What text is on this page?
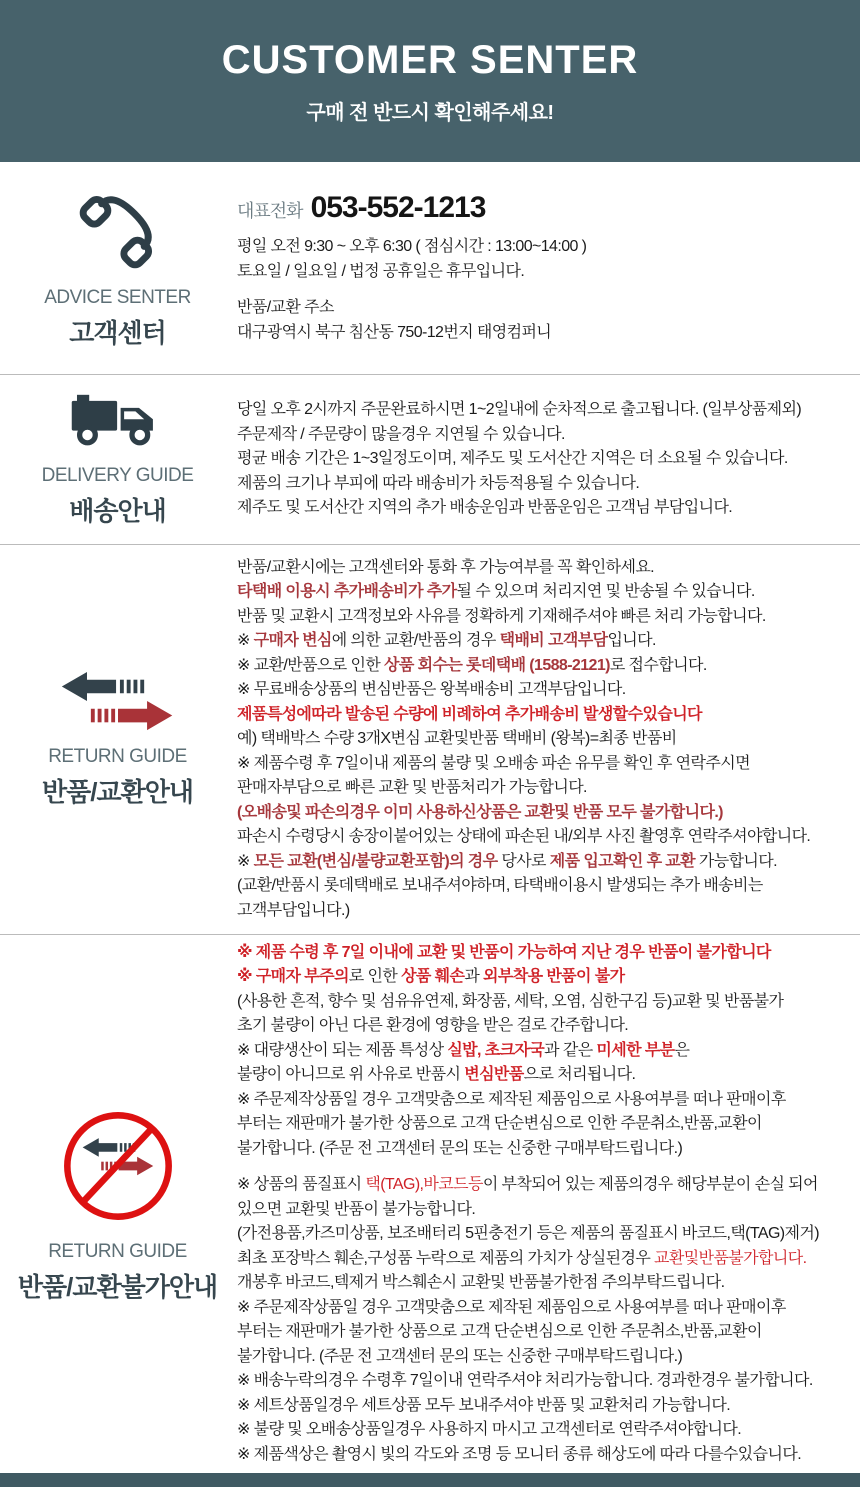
CUSTOMER SENTER

구매 전 반드시 확인해주세요!

ADVICE SENTER
고객센터
대표전화 053-552-1213
평일 오전 9:30 ~ 오후 6:30 ( 점심시간 : 13:00~14:00 )
토요일 / 일요일 / 법정 공휴일은 휴무입니다.
반품/교환 주소
대구광역시 북구 침산동 750-12번지 태영컴퍼니
DELIVERY GUIDE
배송안내
당일 오후 2시까지 주문완료하시면 1~2일내에 순차적으로 출고됩니다. (일부상품제외)
주문제작 / 주문량이 많을경우 지연될 수 있습니다.
평균 배송 기간은 1~3일정도이며, 제주도 및 도서산간 지역은 더 소요될 수 있습니다.
제품의 크기나 부피에 따라 배송비가 차등적용될 수 있습니다.
제주도 및 도서산간 지역의 추가 배송운임과 반품운임은 고객님 부담입니다.
RETURN GUIDE
반품/교환안내
반품/교환시에는 고객센터와 통화 후 가능여부를 꼭 확인하세요.
타택배 이용시 추가배송비가 추가될 수 있으며 처리지연 및 반송될 수 있습니다.
반품 및 교환시 고객정보와 사유를 정확하게 기재해주셔야 빠른 처리 가능합니다.
※ 구매자 변심에 의한 교환/반품의 경우 택배비 고객부담입니다.
※ 교환/반품으로 인한 상품 회수는 롯데택배 (1588-2121)로 접수합니다.
※ 무료배송상품의 변심반품은 왕복배송비 고객부담입니다.
제품특성에따라 발송된 수량에 비례하여 추가배송비 발생할수있습니다
예) 택배박스 수량 3개X변심 교환및반품 택배비 (왕복)=최종 반품비
※ 제품수령 후 7일이내 제품의 불량 및 오배송 파손 유무를 확인 후 연락주시면
판매자부담으로 빠른 교환 및 반품처리가 가능합니다.
(오배송및 파손의경우 이미 사용하신상품은 교환및 반품 모두 불가합니다.)
파손시 수령당시 송장이붙어있는 상태에 파손된 내/외부 사진 촬영후 연락주셔야합니다.
※ 모든 교환(변심/불량교환포함)의 경우 당사로 제품 입고확인 후 교환 가능합니다.
(교환/반품시 롯데택배로 보내주셔야하며, 타택배이용시 발생되는 추가 배송비는
고객부담입니다.)
RETURN GUIDE
반품/교환불가안내
※ 제품 수령 후 7일 이내에 교환 및 반품이 가능하여 지난 경우 반품이 불가합니다
※ 구매자 부주의로 인한 상품 훼손과 외부착용 반품이 불가
(사용한 흔적, 향수 및 섬유유연제, 화장품, 세탁, 오염, 심한구김 등)교환 및 반품불가
초기 불량이 아닌 다른 환경에 영향을 받은 걸로 간주합니다.
※ 대량생산이 되는 제품 특성상 실밥, 초크자국과 같은 미세한 부분은
불량이 아니므로 위 사유로 반품시 변심반품으로 처리됩니다.
※ 주문제작상품일 경우 고객맞춤으로 제작된 제품임으로 사용여부를 떠나 판매이후
부터는 재판매가 불가한 상품으로 고객 단순변심으로 인한 주문취소,반품,교환이
불가합니다. (주문 전 고객센터 문의 또는 신중한 구매부탁드립니다.)
※ 상품의 품질표시 택(TAG),바코드등이 부착되어 있는 제품의경우 해당부분이 손실 되어
있으면 교환및 반품이 불가능합니다.
(가전용품,카즈미상품, 보조배터리 5핀충전기 등은 제품의 품질표시 바코드,택(TAG)제거)
최초 포장박스 훼손,구성품 누락으로 제품의 가치가 상실된경우 교환및반품불가합니다.
개봉후 바코드,텍제거 박스훼손시 교환및 반품불가한점 주의부탁드립니다.
※ 주문제작상품일 경우 고객맞춤으로 제작된 제품임으로 사용여부를 떠나 판매이후
부터는 재판매가 불가한 상품으로 고객 단순변심으로 인한 주문취소,반품,교환이
불가합니다. (주문 전 고객센터 문의 또는 신중한 구매부탁드립니다.)
※ 배송누락의경우 수령후 7일이내 연락주셔야 처리가능합니다. 경과한경우 불가합니다.
※ 세트상품일경우 세트상품 모두 보내주셔야 반품 및 교환처리 가능합니다.
※ 불량 및 오배송상품일경우 사용하지 마시고 고객센터로 연락주셔야합니다.
※ 제품색상은 촬영시 빛의 각도와 조명 등 모니터 종류 해상도에 따라 다를수있습니다.
